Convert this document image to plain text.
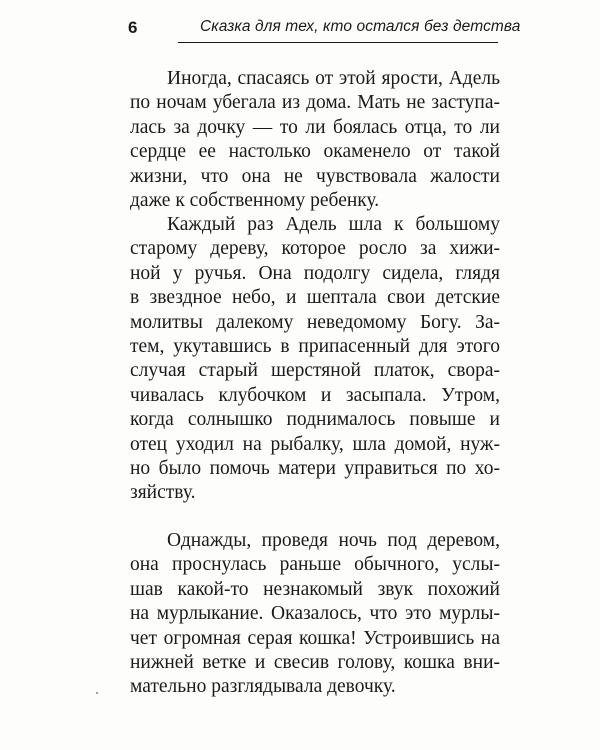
6	Сказка для тех, кто остался без детства
Иногда, спасаясь от этой ярости, Адель
по ночам убегала из дома. Мать не заступа-
лась за дочку — то ли боялась отца, то ли
сердце ее настолько окаменело от такой
жизни, что она не чувствовала жалости
даже к собственному ребенку.
Каждый раз Адель шла к большому
старому дереву, которое росло за хижи-
ной у ручья. Она подолгу сидела, глядя
в звездное небо, и шептала свои детские
молитвы далекому неведомому Богу. За-
тем, укутавшись в припасенный для этого
случая старый шерстяной платок, свора-
чивалась клубочком и засыпала. Утром,
когда солнышко поднималось повыше и
отец уходил на рыбалку, шла домой, нуж-
но было помочь матери управиться по хо-
зяйству.
Однажды, проведя ночь под деревом,
она проснулась раньше обычного, услы-
шав какой-то незнакомый звук похожий
на мурлыкание. Оказалось, что это мурлы-
чет огромная серая кошка! Устроившись на
нижней ветке и свесив голову, кошка вни-
мательно разглядывала девочку.
